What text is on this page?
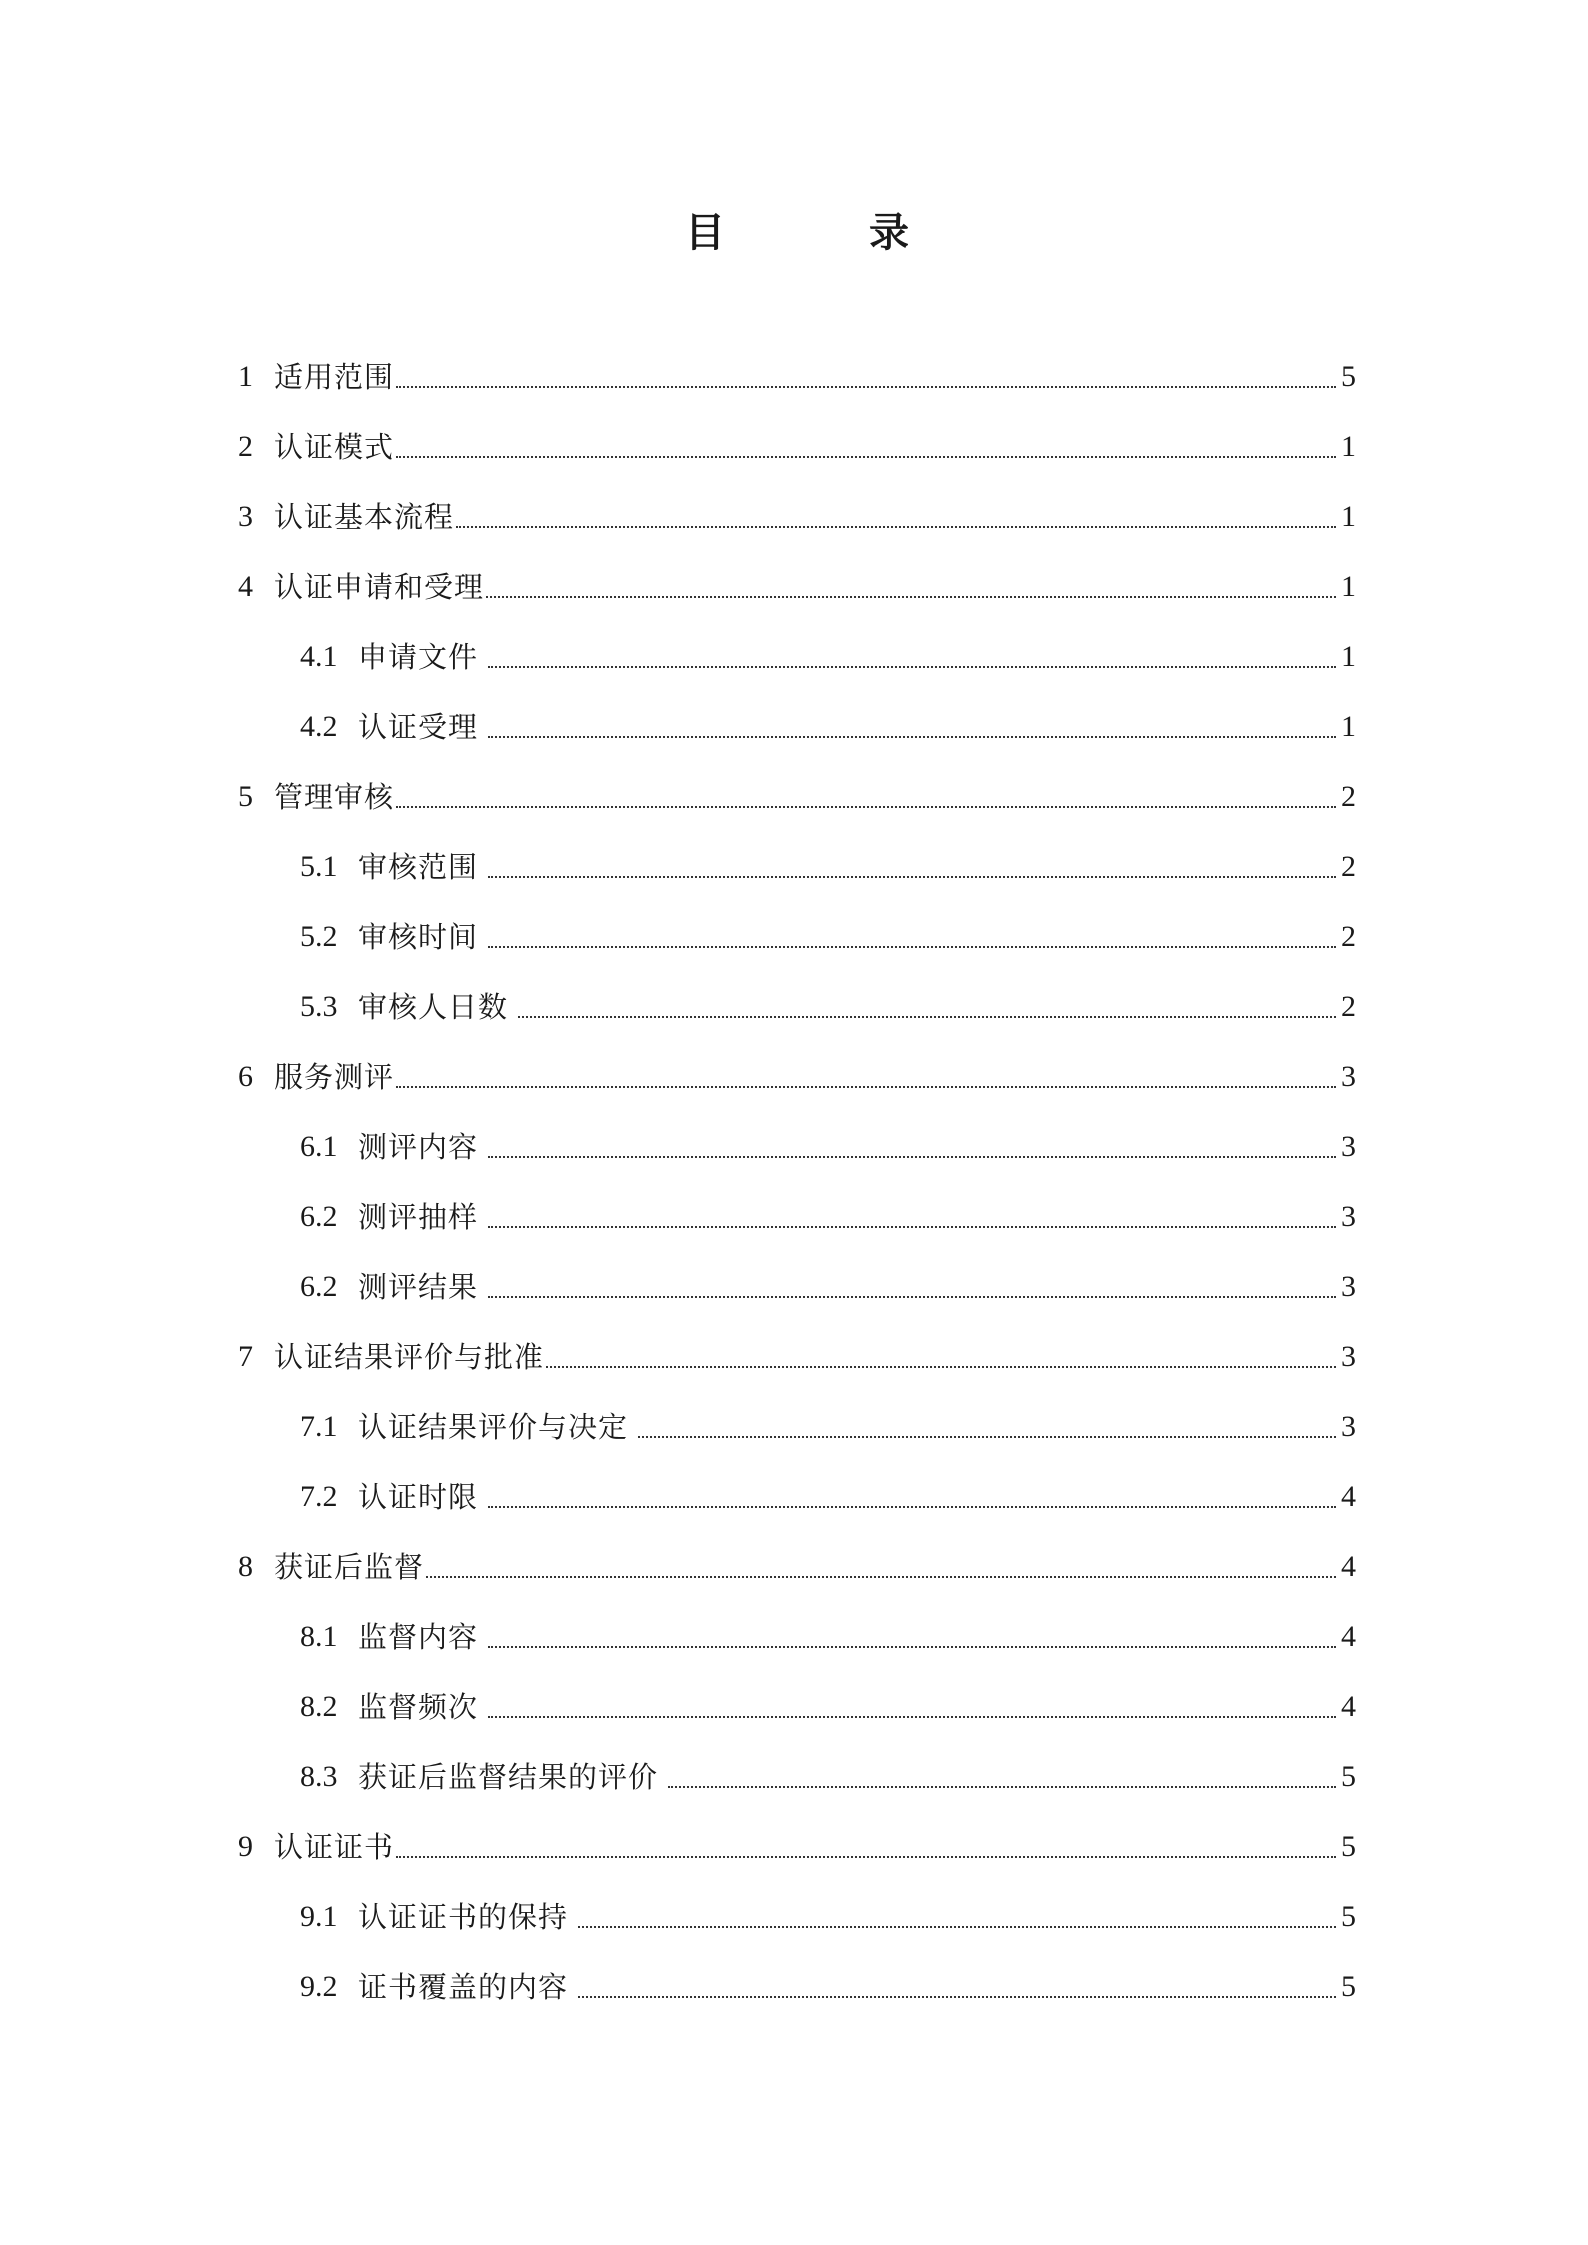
目　录
1 适用范围	5
2 认证模式	1
3 认证基本流程	1
4 认证申请和受理	1
4.1 申请文件	1
4.2 认证受理	1
5 管理审核	2
5.1 审核范围	2
5.2 审核时间	2
5.3 审核人日数	2
6 服务测评	3
6.1 测评内容	3
6.2 测评抽样	3
6.2 测评结果	3
7 认证结果评价与批准	3
7.1 认证结果评价与决定	3
7.2 认证时限	4
8 获证后监督	4
8.1 监督内容	4
8.2 监督频次	4
8.3 获证后监督结果的评价	5
9 认证证书	5
9.1 认证证书的保持	5
9.2 证书覆盖的内容	5
